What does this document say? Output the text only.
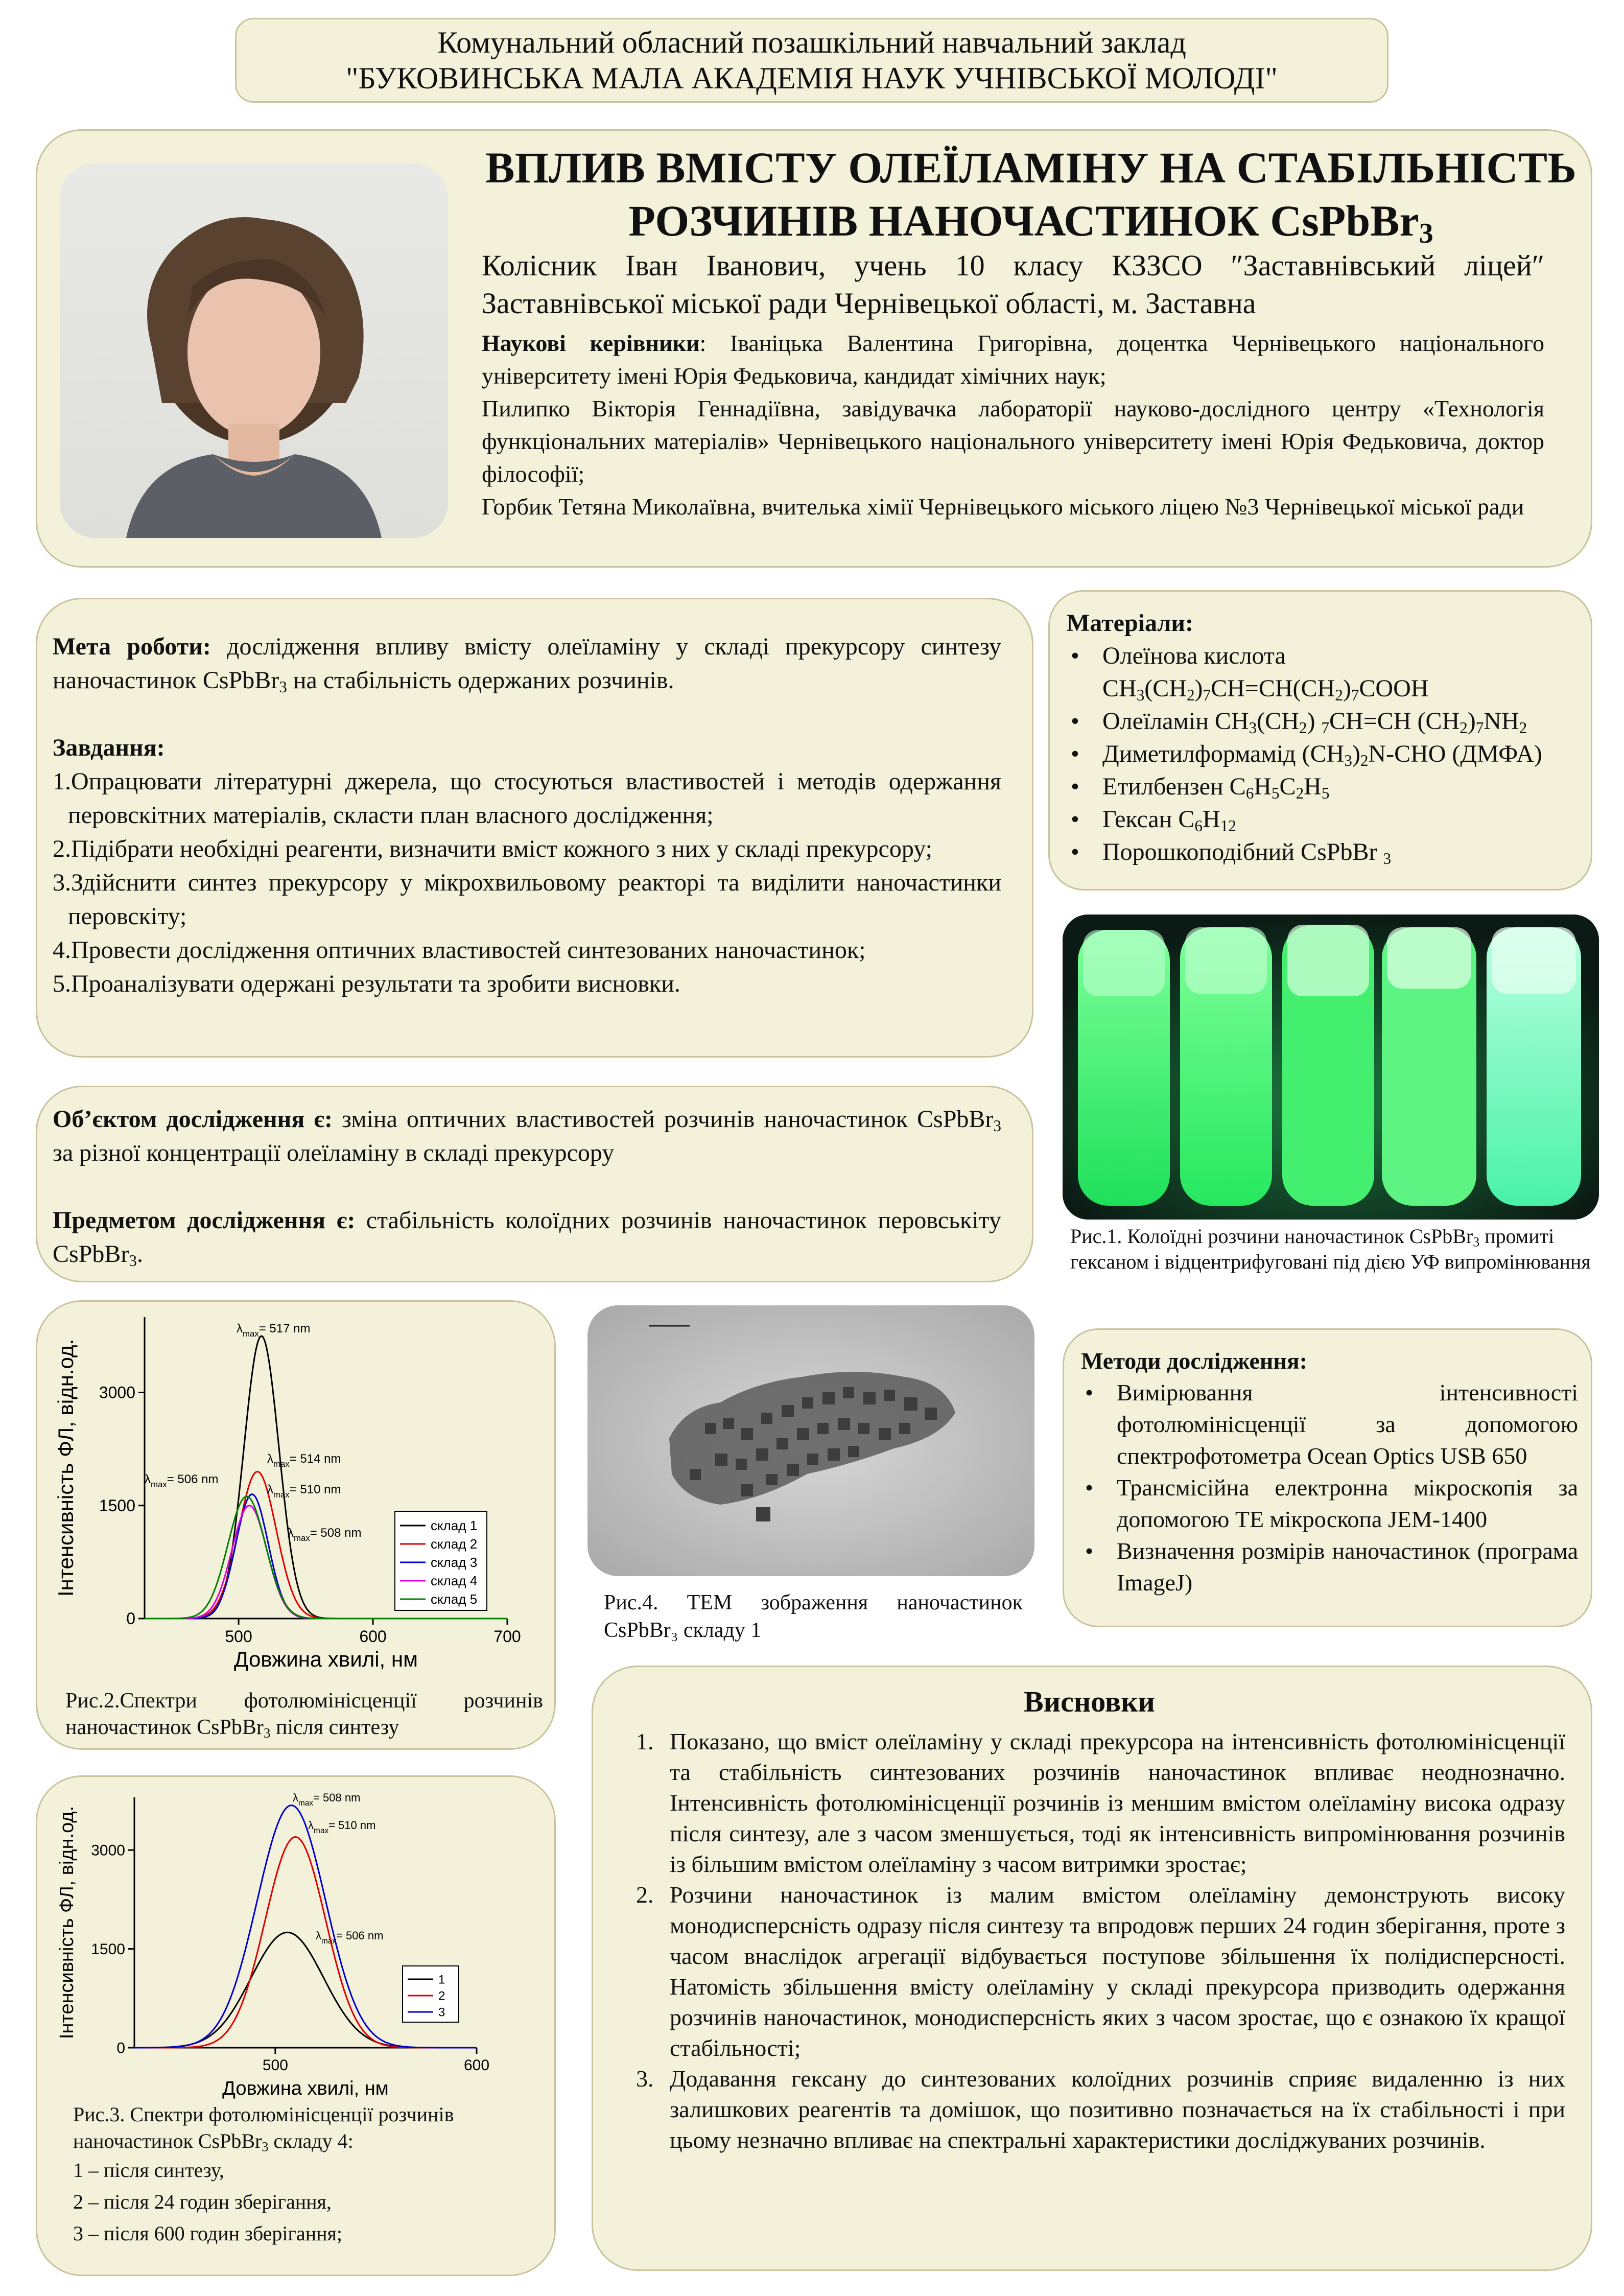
Комунальний обласний позашкільний навчальний заклад
"БУКОВИНСЬКА МАЛА АКАДЕМІЯ НАУК УЧНІВСЬКОЇ МОЛОДІ"
ВПЛИВ ВМІСТУ ОЛЕЇЛАМІНУ НА СТАБІЛЬНІСТЬ
РОЗЧИНІВ НАНОЧАСТИНОК CsPbBr$_3$

Колісник Іван Іванович, учень 10 класу КЗЗСО ″Заставнівський ліцей″ Заставнівської міської ради Чернівецької області, м. Заставна

Наукові керівники: Іваніцька Валентина Григорівна, доцентка Чернівецького національного університету імені Юрія Федьковича, кандидат хімічних наук;

Пилипко Вікторія Геннадіївна, завідувачка лабораторії науково-дослідного центру «Технологія функціональних матеріалів» Чернівецького національного університету імені Юрія Федьковича, доктор філософії;

Горбик Тетяна Миколаївна, вчителька хімії Чернівецького міського ліцею №3 Чернівецької міської ради

Мета роботи: дослідження впливу вмісту олеїламіну у складі прекурсору синтезу наночастинок CsPbBr$_3$ на стабільність одержаних розчинів.

Завдання:

1.Опрацювати літературні джерела, що стосуються властивостей і методів одержання перовскітних матеріалів, скласти план власного дослідження;

2.Підібрати необхідні реагенти, визначити вміст кожного з них у складі прекурсору;

3.Здійснити синтез прекурсору у мікрохвильовому реакторі та виділити наночастинки перовскіту;

4.Провести дослідження оптичних властивостей синтезованих наночастинок;

5.Проаналізувати одержані результати та зробити висновки.

Об’єктом дослідження є: зміна оптичних властивостей розчинів наночастинок CsPbBr$_3$ за різної концентрації олеїламіну в складі прекурсору

Предметом дослідження є: стабільність колоїдних розчинів наночастинок перовськіту CsPbBr$_3$.

Матеріали:

• Олеїнова кислота
$CH_3(CH_2)_7CH=CH(CH_2)_7COOH$
• Олеїламін $CH_3(CH_2)$ $_7$CH=CH $(CH_2)_7NH_2$
• Диметилформамід $(CH_3)_2N$-CHO (ДМФА)
• Етилбензен $C_6H_5C_2H_5$
• Гексан $C_6H_{12}$
• Порошкоподібний CsPbBr $_3$

Рис.1. Колоїдні розчини наночастинок CsPbBr$_3$ промиті гексаном і відцентрифуговані під дією УФ випромінювання

Методи дослідження:

• Вимірювання інтенсивності фотолюмінісценції за допомогою спектрофотометра Ocean Optics USB 650
• Трансмісійна електронна мікроскопія за допомогою ТЕ мікроскопа JEM-1400
• Визначення розмірів наночастинок (програма ImageJ)

Рис.4. ТЕМ зображення наночастинок CsPbBr₃ складу 1

500	600	700
0
1500
3000
Довжина хвилі, нм
Інтенсивність ФЛ, відн.од.
$\lambda_{max}= 517$ nm
$\lambda_{max}= 514$ nm
$\lambda_{max}= 510$ nm
$\lambda_{max}= 506$ nm
$\lambda_{max}= 508$ nm	склад 1
склад 2
склад 3
склад 4
склад 5

Рис.2.Спектри фотолюмінісценції розчинів наночастинок CsPbBr$_3$ після синтезу

500	600
0
1500
3000
Довжина хвилі, нм
Інтенсивність ФЛ, відн.од.
$\lambda_{max}= 508$ nm
$\lambda_{max}= 510$ nm
$\lambda_{max}= 506$ nm
1
2
3

Рис.3. Спектри фотолюмінісценції розчинів наночастинок CsPbBr$_3$ складу 4:

1 – після синтезу,

2 – після 24 годин зберігання,

3 – після 600 годин зберігання;

Висновки
1. Показано, що вміст олеїламіну у складі прекурсора на інтенсивність фотолюмінісценції та стабільність синтезованих розчинів наночастинок впливає неоднозначно. Інтенсивність фотолюмінісценції розчинів із меншим вмістом олеїламіну висока одразу після синтезу, але з часом зменшується, тоді як інтенсивність випромінювання розчинів із більшим вмістом олеїламіну з часом витримки зростає;
2. Розчини наночастинок із малим вмістом олеїламіну демонструють високу монодисперсність одразу після синтезу та впродовж перших 24 годин зберігання, проте з часом внаслідок агрегації відбувається поступове збільшення їх полідисперсності. Натомість збільшення вмісту олеїламіну у складі прекурсора призводить одержання розчинів наночастинок, монодисперсність яких з часом зростає, що є ознакою їх кращої стабільності;
3. Додавання гексану до синтезованих колоїдних розчинів сприяє видаленню із них залишкових реагентів та домішок, що позитивно позначається на їх стабільності і при цьому незначно впливає на спектральні характеристики досліджуваних розчинів.
